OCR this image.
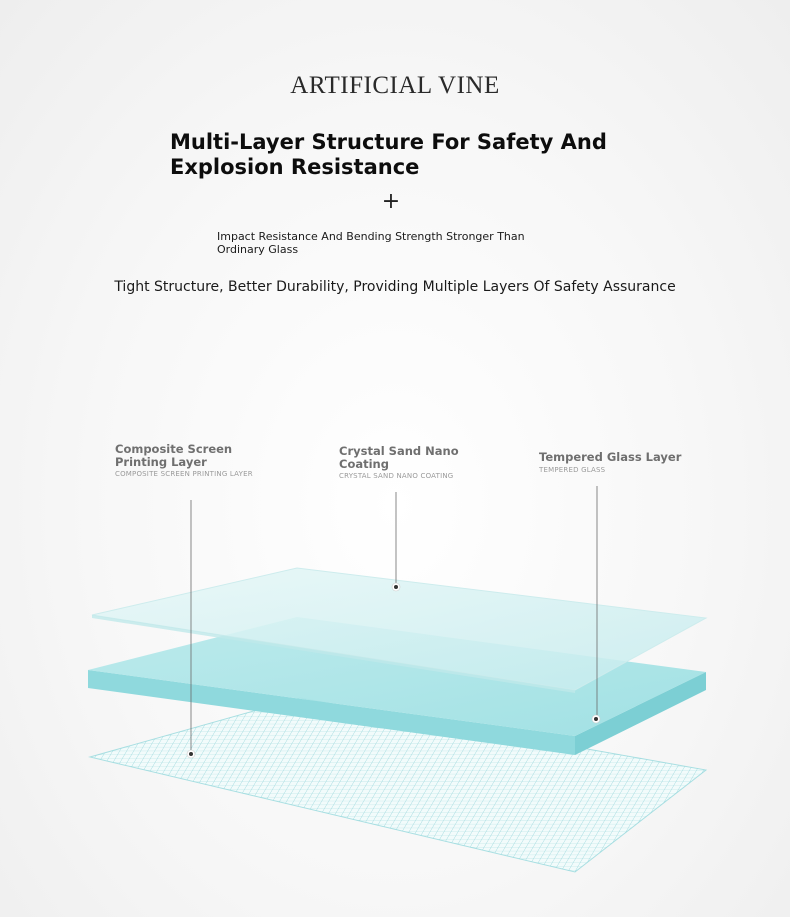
ARTIFICIAL VINE
Multi-Layer Structure For Safety And Explosion Resistance
+
Impact Resistance And Bending Strength Stronger Than Ordinary Glass
Tight Structure, Better Durability, Providing Multiple Layers Of Safety Assurance
Composite Screen Printing Layer
COMPOSITE SCREEN PRINTING LAYER
Crystal Sand Nano Coating
CRYSTAL SAND NANO COATING
Tempered Glass Layer
TEMPERED GLASS
